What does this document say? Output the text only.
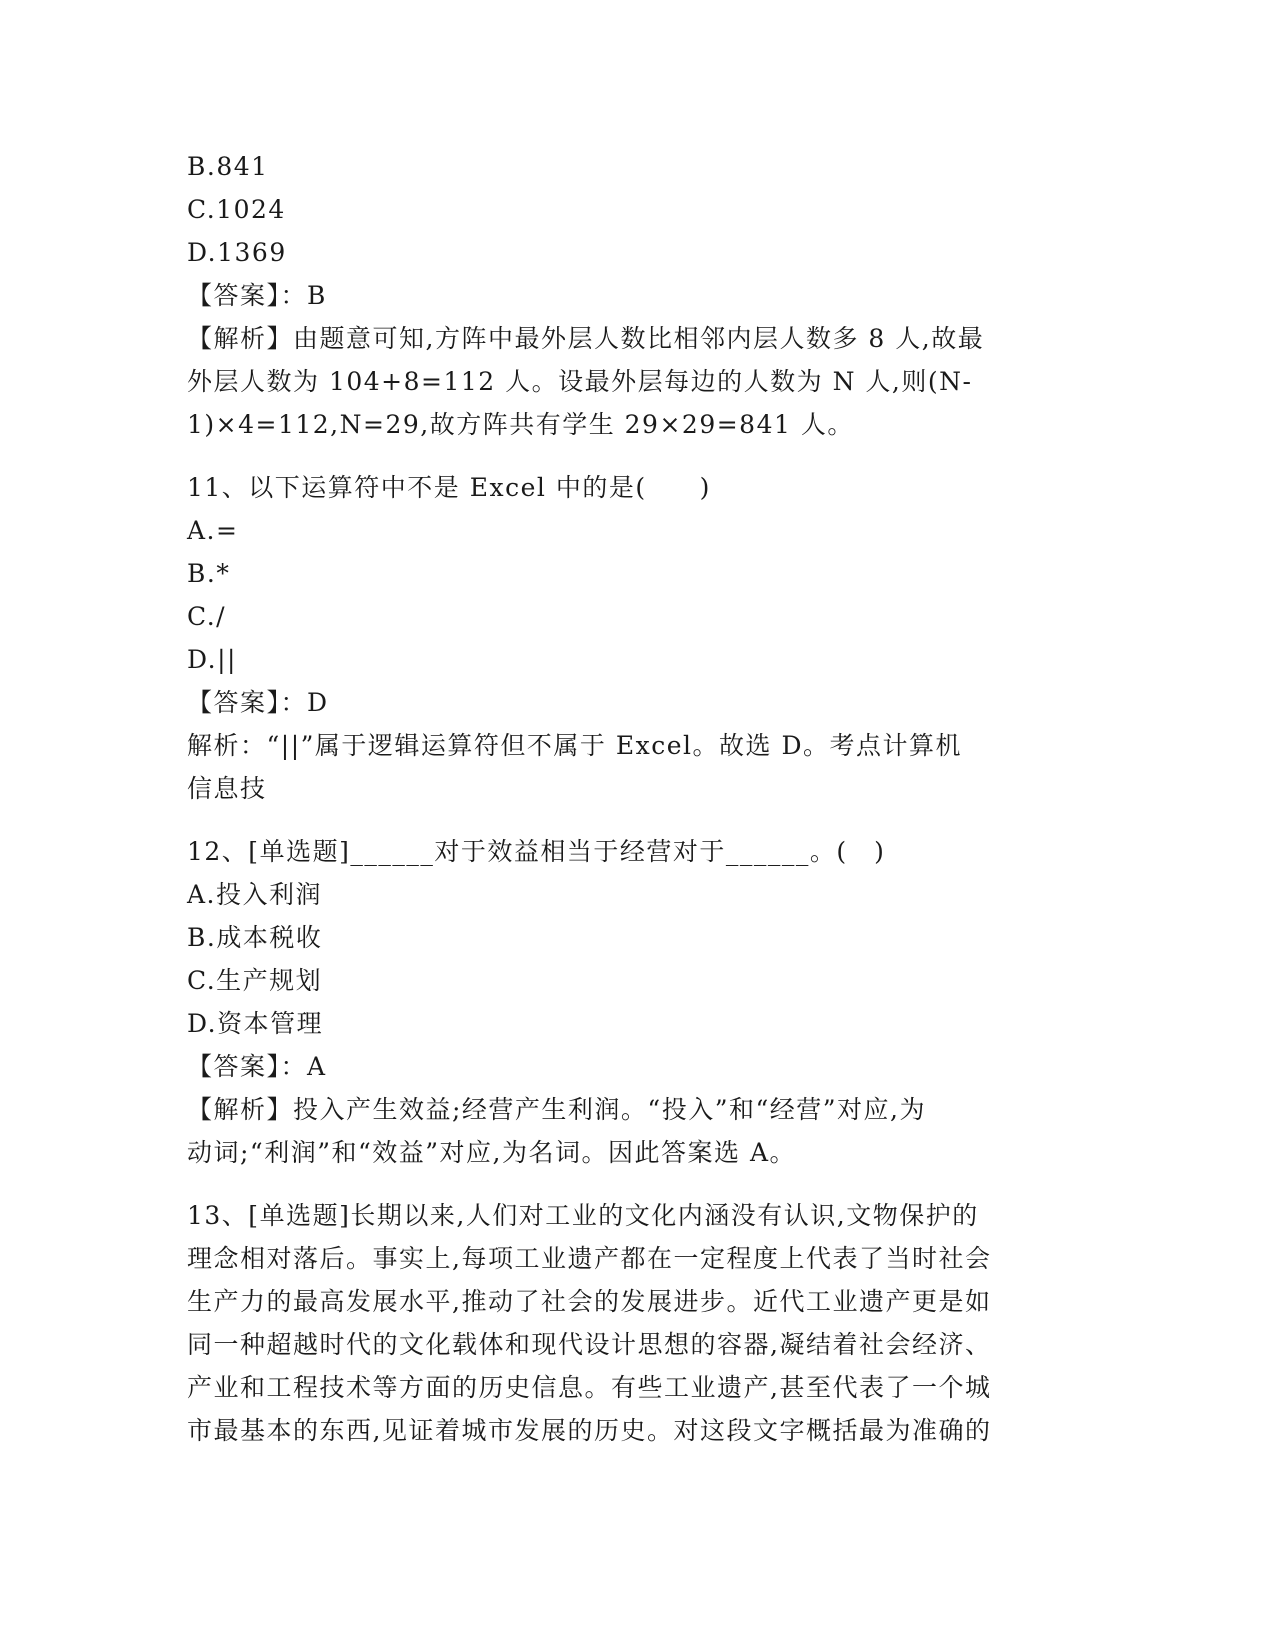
B.841

C.1024

D.1369

【答案】：B

【解析】由题意可知,方阵中最外层人数比相邻内层人数多 8 人,故最

外层人数为 104+8=112 人。设最外层每边的人数为 N 人,则(N-

1)×4=112,N=29,故方阵共有学生 29×29=841 人。

11、以下运算符中不是 Excel 中的是(　　)

A.=

B.*

C./

D.||

【答案】：D

解析：“||”属于逻辑运算符但不属于 Excel。故选 D。考点计算机

信息技

12、[单选题]______对于效益相当于经营对于______。(　)

A.投入利润

B.成本税收

C.生产规划

D.资本管理

【答案】：A

【解析】投入产生效益;经营产生利润。“投入”和“经营”对应,为

动词;“利润”和“效益”对应,为名词。因此答案选 A。

13、[单选题]长期以来,人们对工业的文化内涵没有认识,文物保护的

理念相对落后。事实上,每项工业遗产都在一定程度上代表了当时社会

生产力的最高发展水平,推动了社会的发展进步。近代工业遗产更是如

同一种超越时代的文化载体和现代设计思想的容器,凝结着社会经济、

产业和工程技术等方面的历史信息。有些工业遗产,甚至代表了一个城

市最基本的东西,见证着城市发展的历史。对这段文字概括最为准确的
